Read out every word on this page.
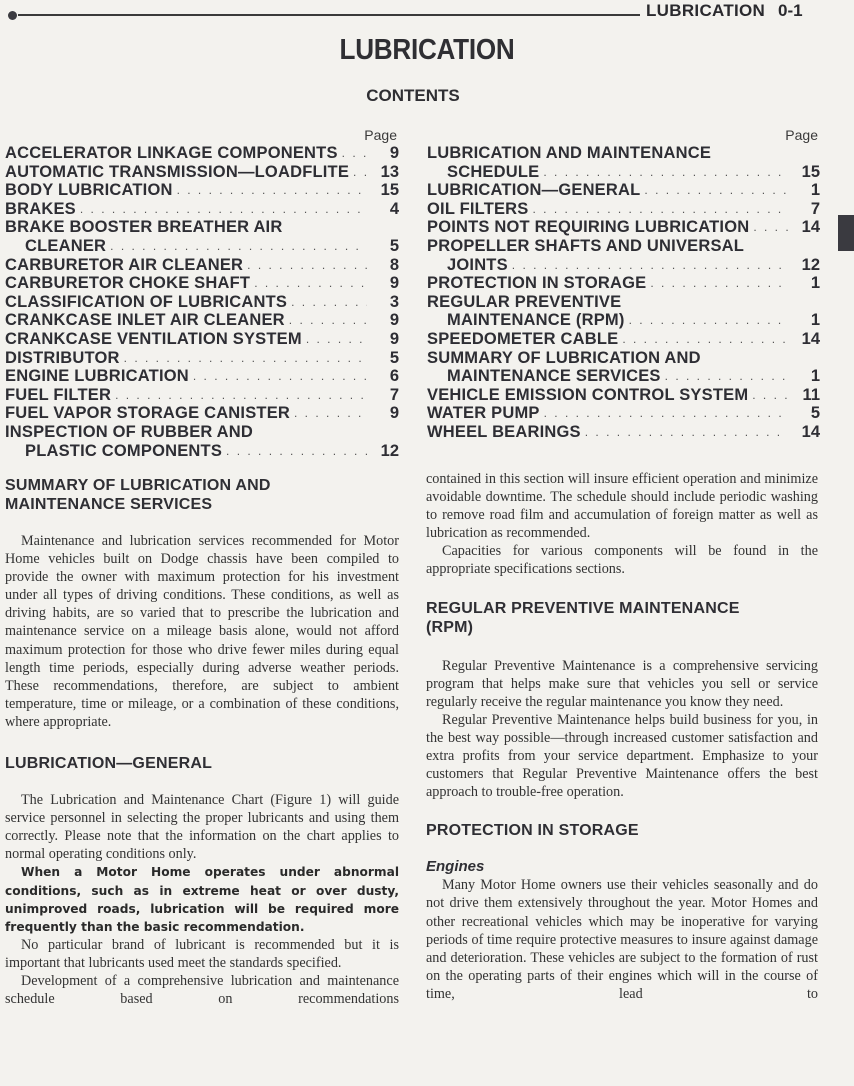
LUBRICATION 0-1
LUBRICATION
CONTENTS
Page
ACCELERATOR LINKAGE COMPONENTS . . .	9
AUTOMATIC TRANSMISSION—LOADFLITE . . .	13
BODY LUBRICATION . . .	15
BRAKES . . .	4
BRAKE BOOSTER BREATHER AIR
CLEANER . . .	5
CARBURETOR AIR CLEANER . . .	8
CARBURETOR CHOKE SHAFT . . .	9
CLASSIFICATION OF LUBRICANTS . . .	3
CRANKCASE INLET AIR CLEANER . . .	9
CRANKCASE VENTILATION SYSTEM . . .	9
DISTRIBUTOR . . .	5
ENGINE LUBRICATION . . .	6
FUEL FILTER . . .	7
FUEL VAPOR STORAGE CANISTER . . .	9
INSPECTION OF RUBBER AND
PLASTIC COMPONENTS . . .	12
Page
LUBRICATION AND MAINTENANCE
SCHEDULE . . .	15
LUBRICATION—GENERAL . . .	1
OIL FILTERS . . .	7
POINTS NOT REQUIRING LUBRICATION . . .	14
PROPELLER SHAFTS AND UNIVERSAL
JOINTS . . .	12
PROTECTION IN STORAGE . . .	1
REGULAR PREVENTIVE
MAINTENANCE (RPM) . . .	1
SPEEDOMETER CABLE . . .	14
SUMMARY OF LUBRICATION AND
MAINTENANCE SERVICES . . .	1
VEHICLE EMISSION CONTROL SYSTEM . . .	11
WATER PUMP . . .	5
WHEEL BEARINGS . . .	14
SUMMARY OF LUBRICATION AND
MAINTENANCE SERVICES

Maintenance and lubrication services recommended for Motor Home vehicles built on Dodge chassis have been compiled to provide the owner with maximum protection for his investment under all types of driving conditions. These conditions, as well as driving habits, are so varied that to prescribe the lubrication and maintenance service on a mileage basis alone, would not afford maximum protection for those who drive fewer miles during equal length time periods, especially during adverse weather periods. These recommendations, therefore, are subject to ambient temperature, time or mileage, or a combination of these conditions, where appropriate.

LUBRICATION—GENERAL

The Lubrication and Maintenance Chart (Figure 1) will guide service personnel in selecting the proper lubricants and using them correctly. Please note that the information on the chart applies to normal operating conditions only.

When a Motor Home operates under abnormal conditions, such as in extreme heat or over dusty, unimproved roads, lubrication will be required more frequently than the basic recommendation.

No particular brand of lubricant is recommended but it is important that lubricants used meet the standards specified.

Development of a comprehensive lubrication and maintenance schedule based on recommendations

contained in this section will insure efficient operation and minimize avoidable downtime. The schedule should include periodic washing to remove road film and accumulation of foreign matter as well as lubrication as recommended.

Capacities for various components will be found in the appropriate specifications sections.

REGULAR PREVENTIVE MAINTENANCE
(RPM)

Regular Preventive Maintenance is a comprehensive servicing program that helps make sure that vehicles you sell or service regularly receive the regular maintenance you know they need.

Regular Preventive Maintenance helps build business for you, in the best way possible—through increased customer satisfaction and extra profits from your service department. Emphasize to your customers that Regular Preventive Maintenance offers the best approach to trouble-free operation.

PROTECTION IN STORAGE
Engines

Many Motor Home owners use their vehicles seasonally and do not drive them extensively throughout the year. Motor Homes and other recreational vehicles which may be inoperative for varying periods of time require protective measures to insure against damage and deterioration. These vehicles are subject to the formation of rust on the operating parts of their engines which will in the course of time, lead to
